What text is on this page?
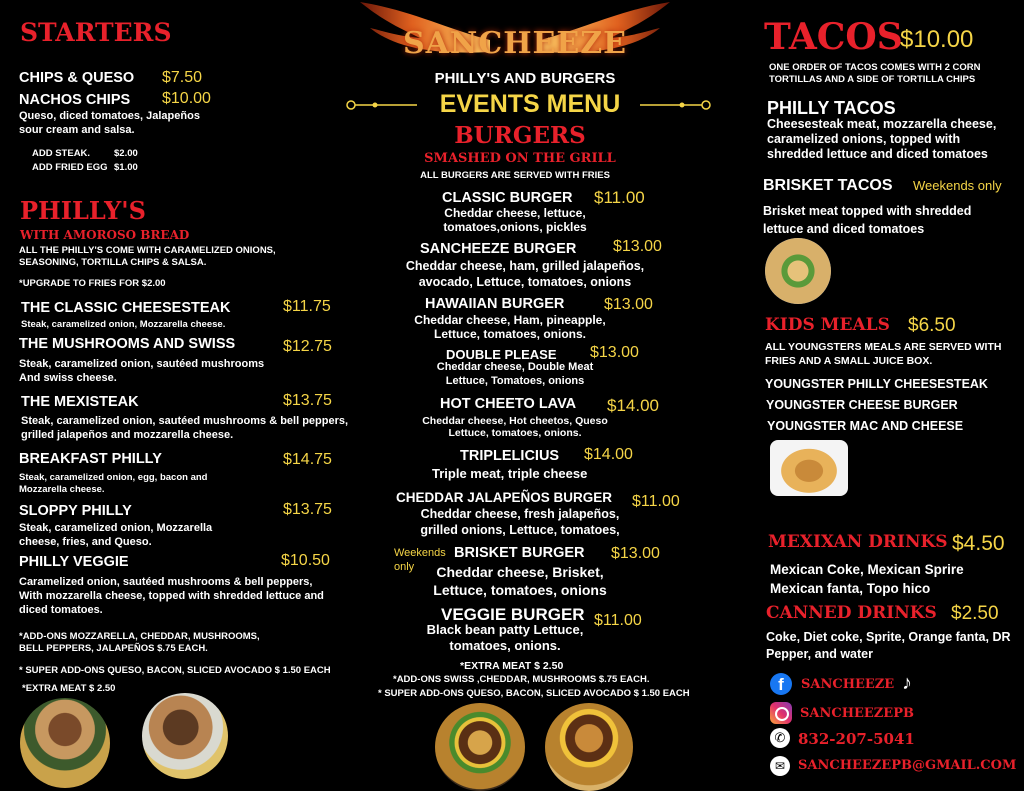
STARTERS
CHIPS & QUESO $7.50
NACHOS CHIPS $10.00
Queso, diced tomatoes, Jalapeños sour cream and salsa.
ADD STEAK.	$2.00
ADD FRIED EGG $1.00
PHILLY'S
WITH AMOROSO BREAD
ALL THE PHILLY'S COME WITH CARAMELIZED ONIONS, SEASONING, TORTILLA CHIPS & SALSA.
*UPGRADE TO FRIES FOR $2.00
THE CLASSIC CHEESESTEAK	$11.75
Steak, caramelized onion, Mozzarella cheese.
THE MUSHROOMS AND SWISS	$12.75
Steak, caramelized onion, sautéed mushrooms And swiss cheese.
THE MEXISTEAK	$13.75
Steak, caramelized onion, sautéed mushrooms & bell peppers, grilled jalapeños and mozzarella cheese.
BREAKFAST PHILLY	$14.75
Steak, caramelized onion, egg, bacon and Mozzarella cheese.
SLOPPY PHILLY	$13.75
Steak, caramelized onion, Mozzarella cheese, fries, and Queso.
PHILLY VEGGIE	$10.50
Caramelized onion, sautéed mushrooms & bell peppers, With mozzarella cheese, topped with shredded lettuce and diced tomatoes.
*ADD-ONS MOZZARELLA, CHEDDAR, MUSHROOMS, BELL PEPPERS, JALAPEÑOS $.75 EACH.
* SUPER ADD-ONS QUESO, BACON, SLICED AVOCADO $ 1.50 EACH
*EXTRA MEAT $ 2.50
SANCHEEZE
PHILLY'S AND BURGERS
EVENTS MENU
BURGERS
SMASHED ON THE GRILL
ALL BURGERS ARE SERVED WITH FRIES
CLASSIC BURGER $11.00
Cheddar cheese, lettuce, tomatoes,onions, pickles
SANCHEEZE BURGER $13.00
Cheddar cheese, ham, grilled jalapeños, avocado, Lettuce, tomatoes, onions
HAWAIIAN BURGER $13.00
Cheddar cheese, Ham, pineapple, Lettuce, tomatoes, onions.
DOUBLE PLEASE $13.00
Cheddar cheese, Double Meat Lettuce, Tomatoes, onions
HOT CHEETO LAVA $14.00
Cheddar cheese, Hot cheetos, Queso Lettuce, tomatoes, onions.
TRIPLELICIUS $14.00
Triple meat, triple cheese
CHEDDAR JALAPEÑOS BURGER $11.00
Cheddar cheese, fresh jalapeños, grilled onions, Lettuce, tomatoes,
Weekends only
BRISKET BURGER $13.00
Cheddar cheese, Brisket, Lettuce, tomatoes, onions
VEGGIE BURGER $11.00
Black bean patty Lettuce, tomatoes, onions.
*EXTRA MEAT $ 2.50
*ADD-ONS SWISS ,CHEDDAR, MUSHROOMS $.75 EACH.
* SUPER ADD-ONS QUESO, BACON, SLICED AVOCADO $ 1.50 EACH
TACOS
$10.00
ONE ORDER OF TACOS COMES WITH 2 CORN TORTILLAS AND A SIDE OF TORTILLA CHIPS
PHILLY TACOS
Cheesesteak meat, mozzarella cheese, caramelized onions, topped with shredded lettuce and diced tomatoes
BRISKET TACOS Weekends only
Brisket meat topped with shredded lettuce and diced tomatoes
KIDS MEALS $6.50
ALL YOUNGSTERS MEALS ARE SERVED WITH FRIES AND A SMALL JUICE BOX.
YOUNGSTER PHILLY CHEESESTEAK
YOUNGSTER CHEESE BURGER
YOUNGSTER MAC AND CHEESE
MEXIXAN DRINKS $4.50
Mexican Coke, Mexican Sprire Mexican fanta, Topo hico
CANNED DRINKS $2.50
Coke, Diet coke, Sprite, Orange fanta, DR Pepper, and water
f	SANCHEEZE ♪
SANCHEEZEPB
✆ 832-207-5041
✉ SANCHEEZEPB@GMAIL.COM
